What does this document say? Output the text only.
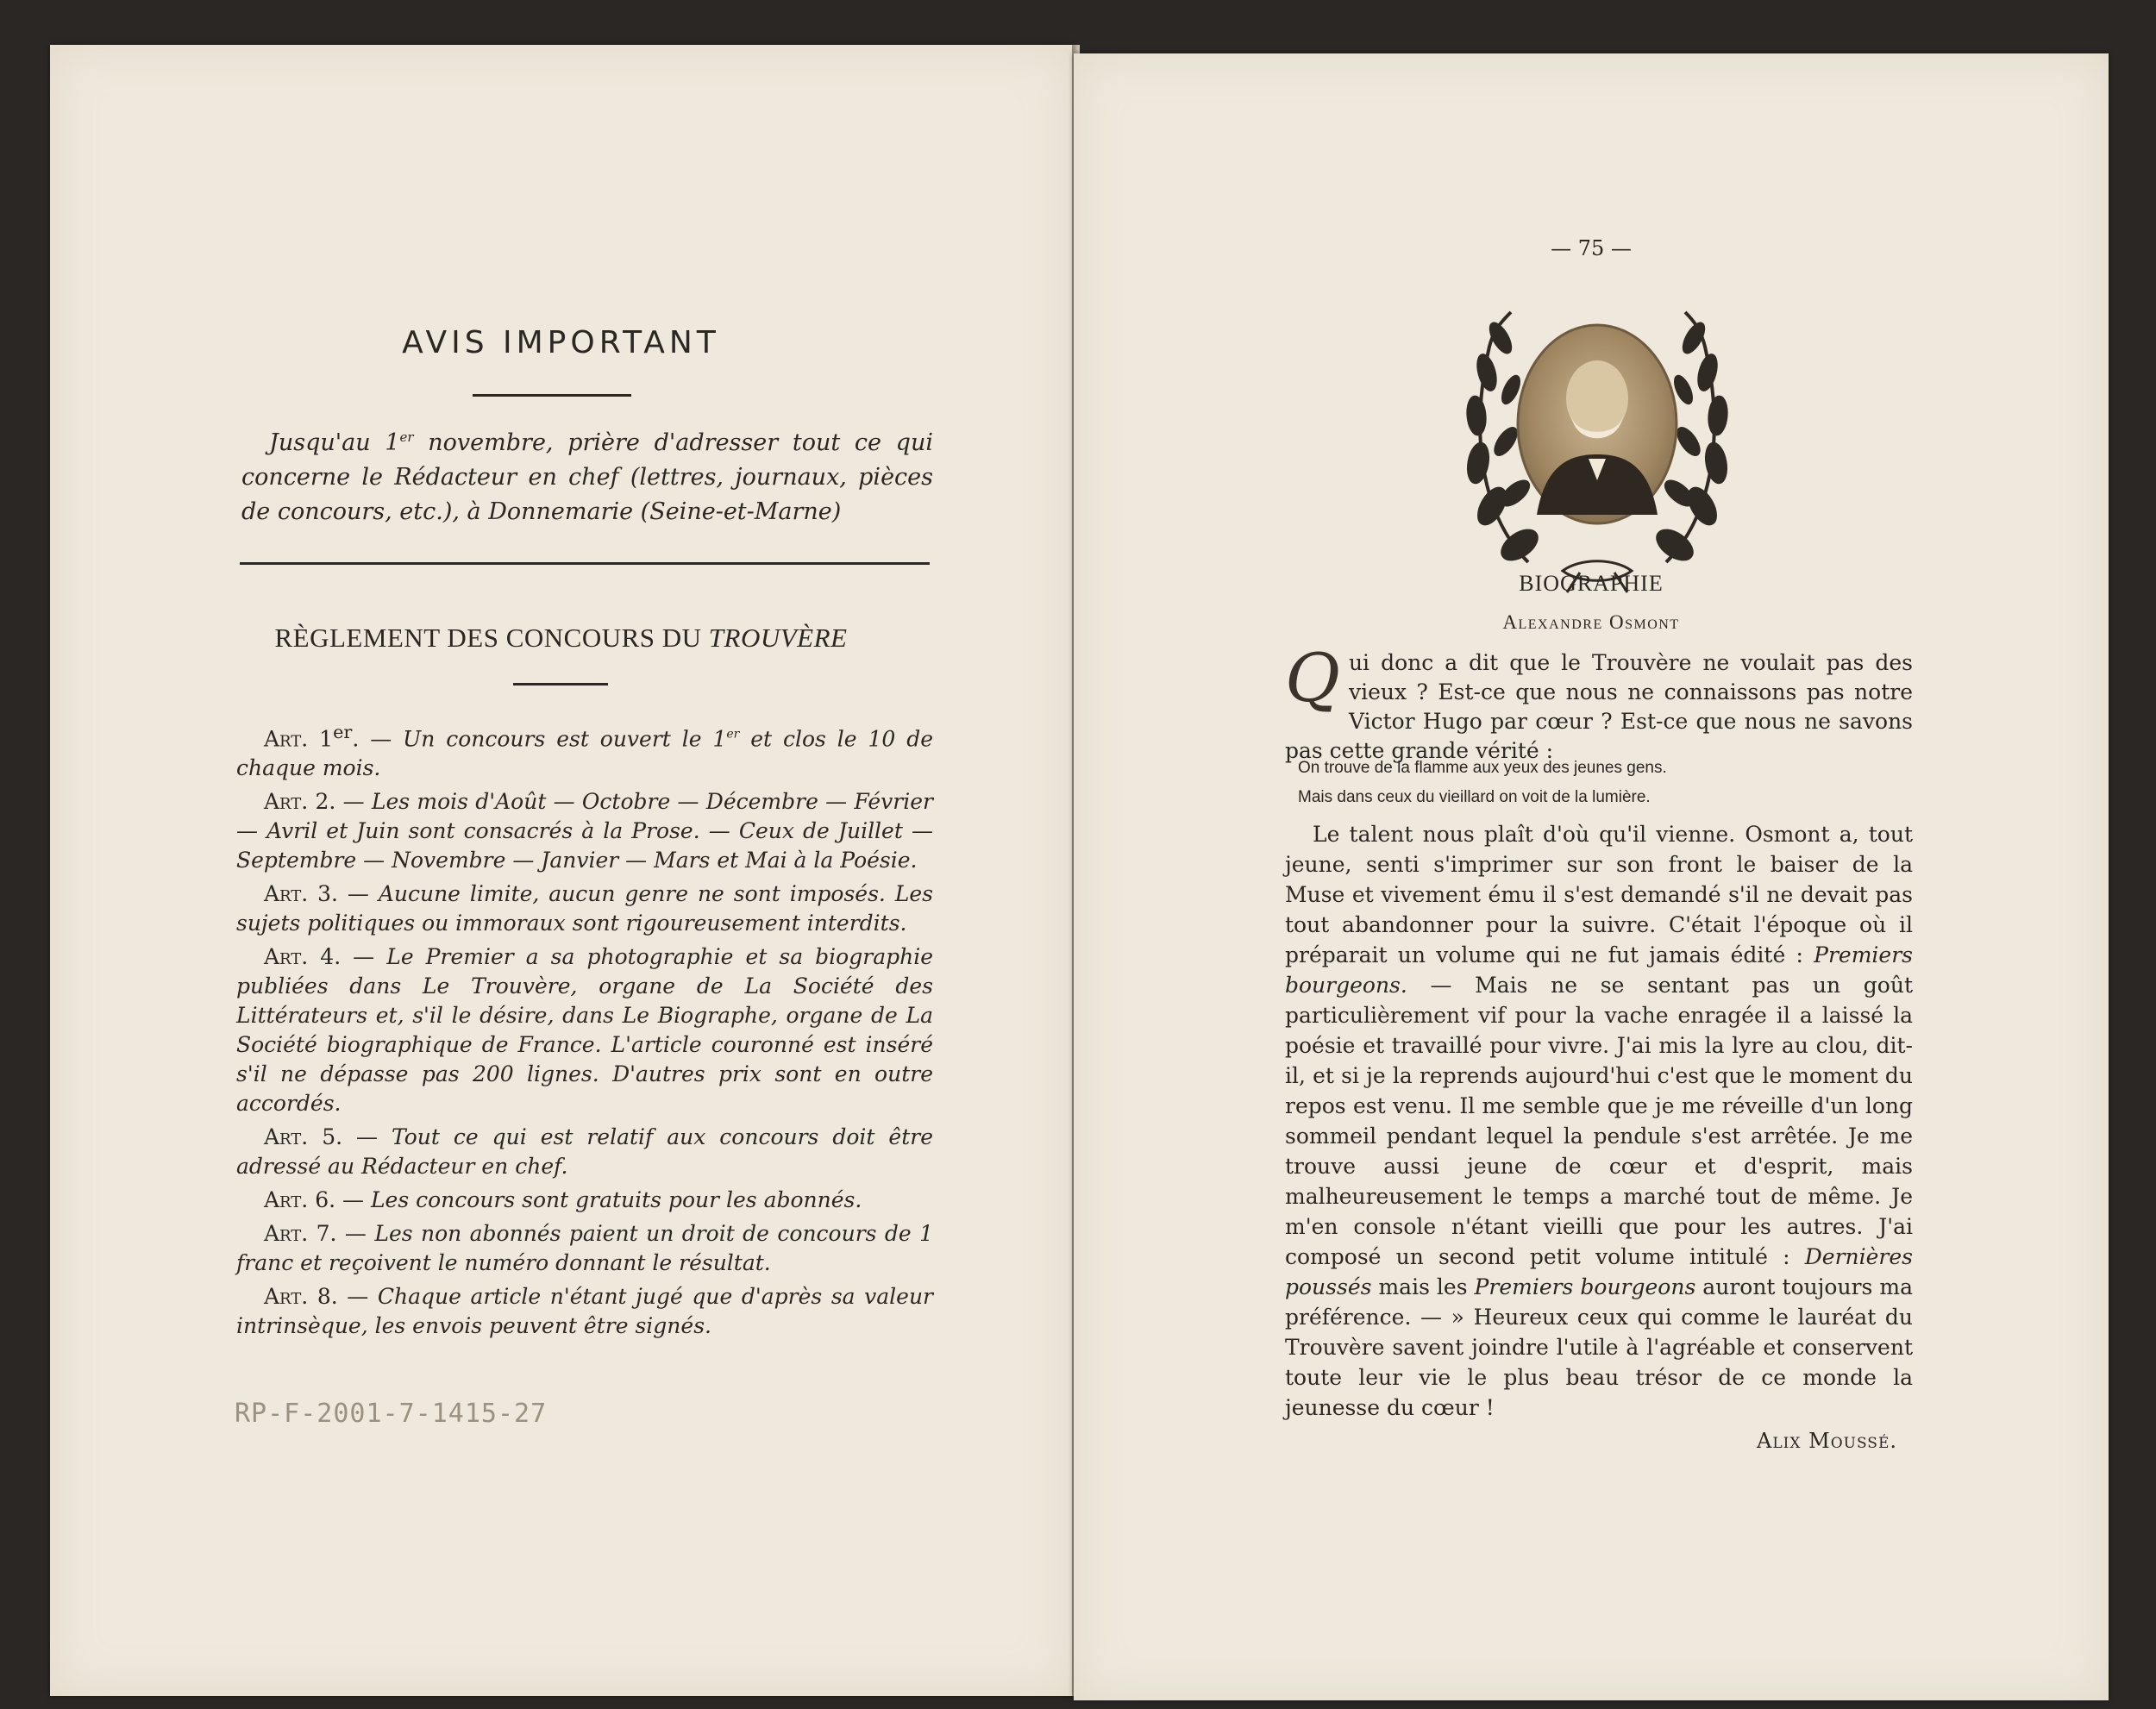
AVIS IMPORTANT
Jusqu'au 1er novembre, prière d'adresser tout ce qui concerne le Rédacteur en chef (lettres, journaux, pièces de concours, etc.), à Donnemarie (Seine-et-Marne)
RÈGLEMENT DES CONCOURS DU TROUVÈRE

Art. 1er. — Un concours est ouvert le 1er et clos le 10 de chaque mois.

Art. 2. — Les mois d'Août — Octobre — Décembre — Février — Avril et Juin sont consacrés à la Prose. — Ceux de Juillet — Septembre — Novembre — Janvier — Mars et Mai à la Poésie.

Art. 3. — Aucune limite, aucun genre ne sont imposés. Les sujets politiques ou immoraux sont rigoureusement interdits.

Art. 4. — Le Premier a sa photographie et sa biographie publiées dans Le Trouvère, organe de La Société des Littérateurs et, s'il le désire, dans Le Biographe, organe de La Société biographique de France. L'article couronné est inséré s'il ne dépasse pas 200 lignes. D'autres prix sont en outre accordés.

Art. 5. — Tout ce qui est relatif aux concours doit être adressé au Rédacteur en chef.

Art. 6. — Les concours sont gratuits pour les abonnés.

Art. 7. — Les non abonnés paient un droit de concours de 1 franc et reçoivent le numéro donnant le résultat.

Art. 8. — Chaque article n'étant jugé que d'après sa valeur intrinsèque, les envois peuvent être signés.

RP-F-2001-7-1415-27
— 75 —
BIOGRAPHIE
Alexandre Osmont
Qui donc a dit que le Trouvère ne voulait pas des vieux ? Est-ce que nous ne connaissons pas notre Victor Hugo par cœur ? Est-ce que nous ne savons pas cette grande vérité :
On trouve de la flamme aux yeux des jeunes gens.
Mais dans ceux du vieillard on voit de la lumière.
Le talent nous plaît d'où qu'il vienne. Osmont a, tout jeune, senti s'imprimer sur son front le baiser de la Muse et vivement ému il s'est demandé s'il ne devait pas tout abandonner pour la suivre. C'était l'époque où il préparait un volume qui ne fut jamais édité : Premiers bourgeons. — Mais ne se sentant pas un goût particulièrement vif pour la vache enragée il a laissé la poésie et travaillé pour vivre. J'ai mis la lyre au clou, dit-il, et si je la reprends aujourd'hui c'est que le moment du repos est venu. Il me semble que je me réveille d'un long sommeil pendant lequel la pendule s'est arrêtée. Je me trouve aussi jeune de cœur et d'esprit, mais malheureusement le temps a marché tout de même. Je m'en console n'étant vieilli que pour les autres. J'ai composé un second petit volume intitulé : Dernières poussés mais les Premiers bourgeons auront toujours ma préférence. — » Heureux ceux qui comme le lauréat du Trouvère savent joindre l'utile à l'agréable et conservent toute leur vie le plus beau trésor de ce monde la jeunesse du cœur !
Alix Moussé.
